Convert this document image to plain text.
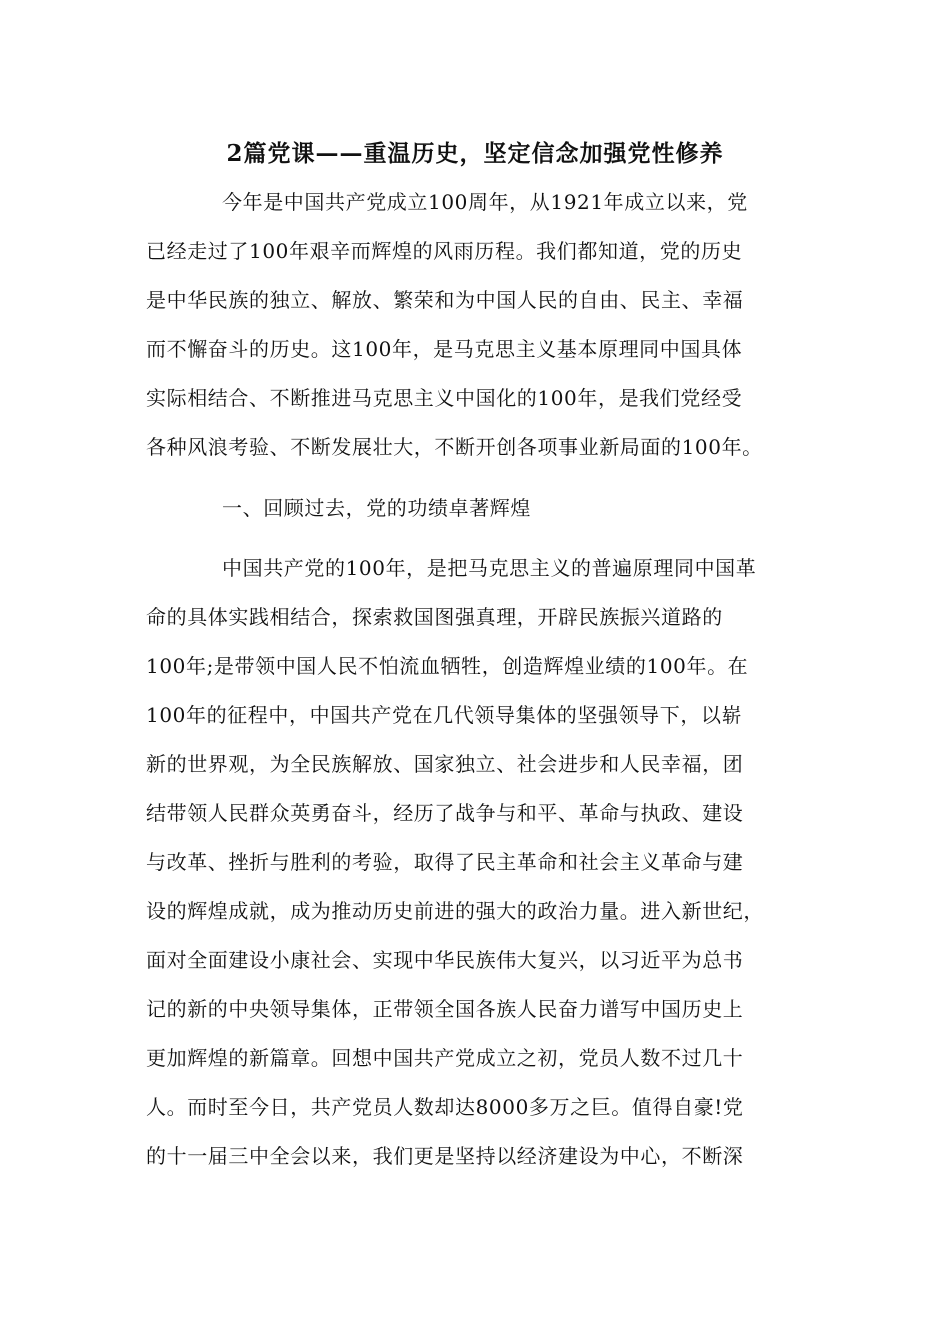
2篇党课——重温历史，坚定信念加强党性修养
今年是中国共产党成立100周年，从1921年成立以来，党
已经走过了100年艰辛而辉煌的风雨历程。我们都知道，党的历史
是中华民族的独立、解放、繁荣和为中国人民的自由、民主、幸福
而不懈奋斗的历史。这100年，是马克思主义基本原理同中国具体
实际相结合、不断推进马克思主义中国化的100年，是我们党经受
各种风浪考验、不断发展壮大，不断开创各项事业新局面的100年。
一、回顾过去，党的功绩卓著辉煌
中国共产党的100年，是把马克思主义的普遍原理同中国革
命的具体实践相结合，探索救国图强真理，开辟民族振兴道路的
100年;是带领中国人民不怕流血牺牲，创造辉煌业绩的100年。在
100年的征程中，中国共产党在几代领导集体的坚强领导下，以崭
新的世界观，为全民族解放、国家独立、社会进步和人民幸福，团
结带领人民群众英勇奋斗，经历了战争与和平、革命与执政、建设
与改革、挫折与胜利的考验，取得了民主革命和社会主义革命与建
设的辉煌成就，成为推动历史前进的强大的政治力量。进入新世纪，
面对全面建设小康社会、实现中华民族伟大复兴，以习近平为总书
记的新的中央领导集体，正带领全国各族人民奋力谱写中国历史上
更加辉煌的新篇章。回想中国共产党成立之初，党员人数不过几十
人。而时至今日，共产党员人数却达8000多万之巨。值得自豪!党
的十一届三中全会以来，我们更是坚持以经济建设为中心，不断深
